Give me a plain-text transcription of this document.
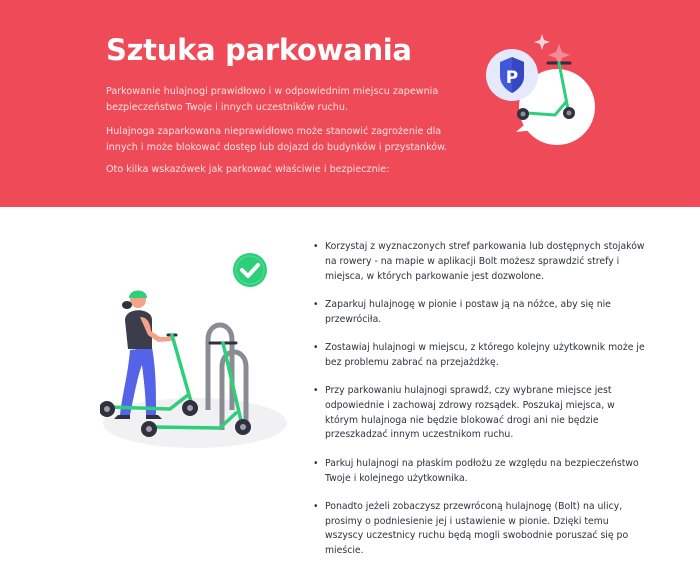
Sztuka parkowania

Parkowanie hulajnogi prawidłowo i w odpowiednim miejscu zapewnia bezpieczeństwo Twoje i innych uczestników ruchu.

Hulajnoga zaparkowana nieprawidłowo może stanowić zagrożenie dla innych i może blokować dostęp lub dojazd do budynków i przystanków.

Oto kilka wskazówek jak parkować właściwie i bezpiecznie:

P
• Korzystaj z wyznaczonych stref parkowania lub dostępnych stojaków na rowery - na mapie w aplikacji Bolt możesz sprawdzić strefy i miejsca, w których parkowanie jest dozwolone.
• Zaparkuj hulajnogę w pionie i postaw ją na nóżce, aby się nie przewróciła.
• Zostawiaj hulajnogi w miejscu, z którego kolejny użytkownik może je bez problemu zabrać na przejażdżkę.
• Przy parkowaniu hulajnogi sprawdź, czy wybrane miejsce jest odpowiednie i zachowaj zdrowy rozsądek. Poszukaj miejsca, w którym hulajnoga nie będzie blokować drogi ani nie będzie przeszkadzać innym uczestnikom ruchu.
• Parkuj hulajnogi na płaskim podłożu ze względu na bezpieczeństwo Twoje i kolejnego użytkownika.
• Ponadto jeżeli zobaczysz przewróconą hulajnogę (Bolt) na ulicy, prosimy o podniesienie jej i ustawienie w pionie. Dzięki temu wszyscy uczestnicy ruchu będą mogli swobodnie poruszać się po mieście.
